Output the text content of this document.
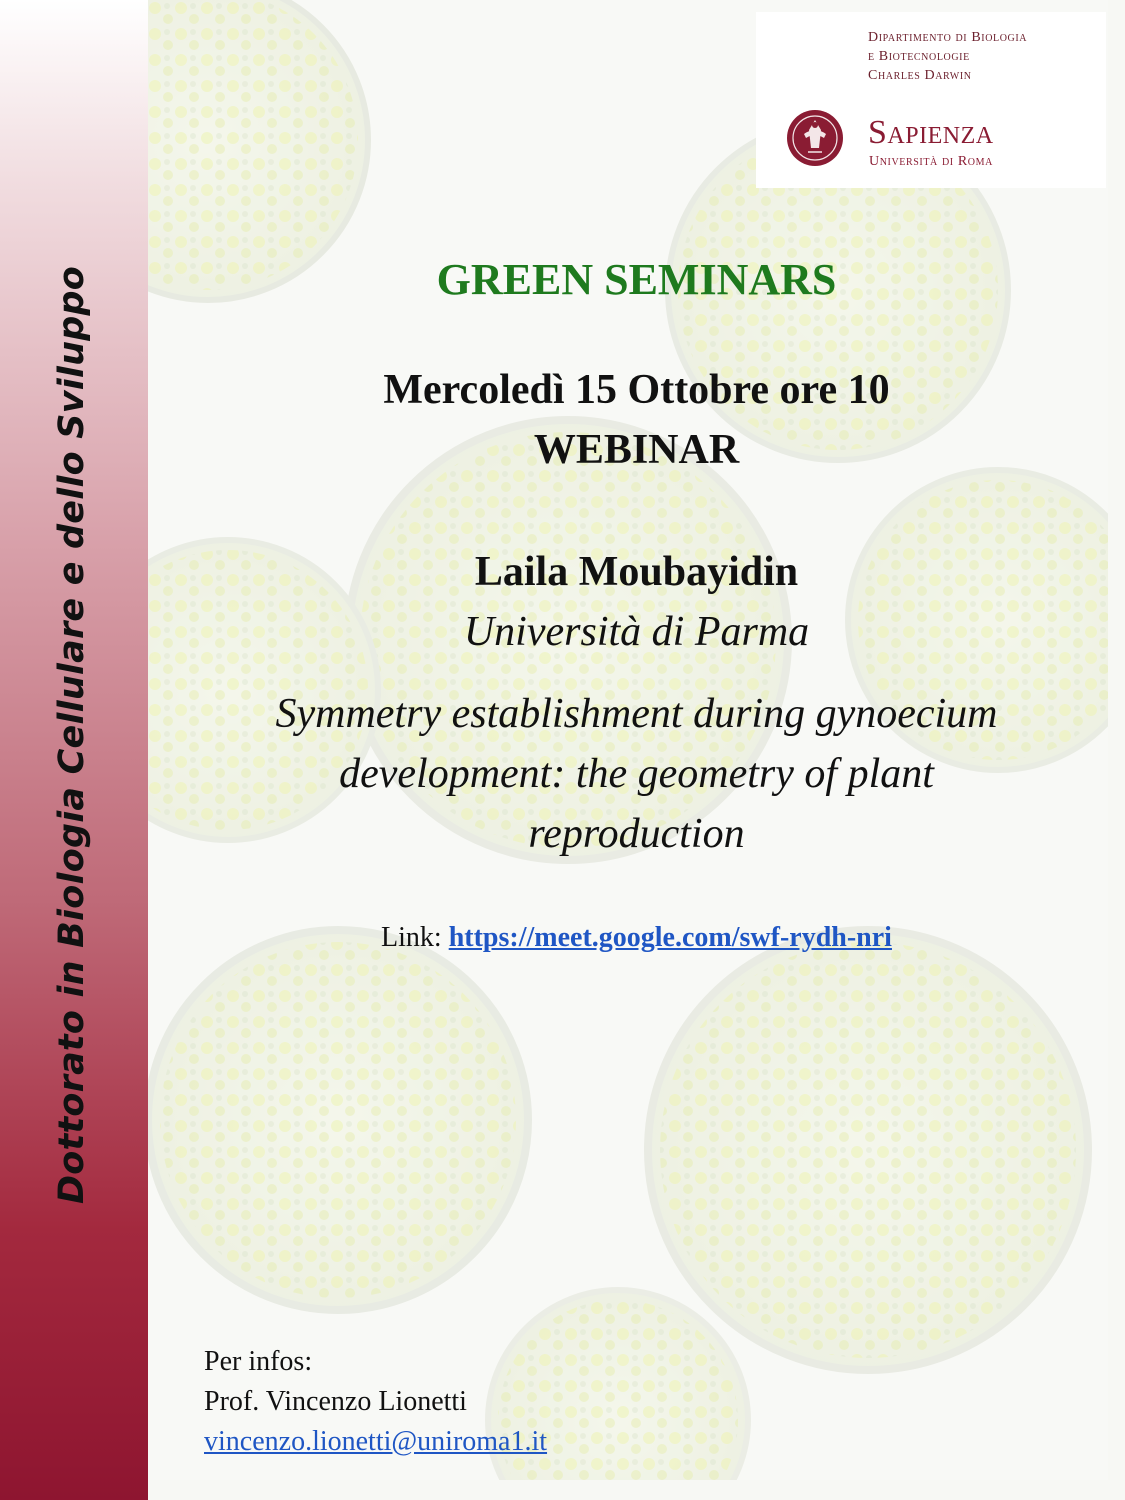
Dottorato in Biologia Cellulare e dello Sviluppo
Dipartimento di Biologia
e Biotecnologie
Charles Darwin
Sapienza
Università di Roma
GREEN SEMINARS
Mercoledì 15 Ottobre ore 10
WEBINAR
Laila Moubayidin
Università di Parma
Symmetry establishment during gynoecium
development: the geometry of plant
reproduction
Link: https://meet.google.com/swf-rydh-nri
Per infos:
Prof. Vincenzo Lionetti
vincenzo.lionetti@uniroma1.it
